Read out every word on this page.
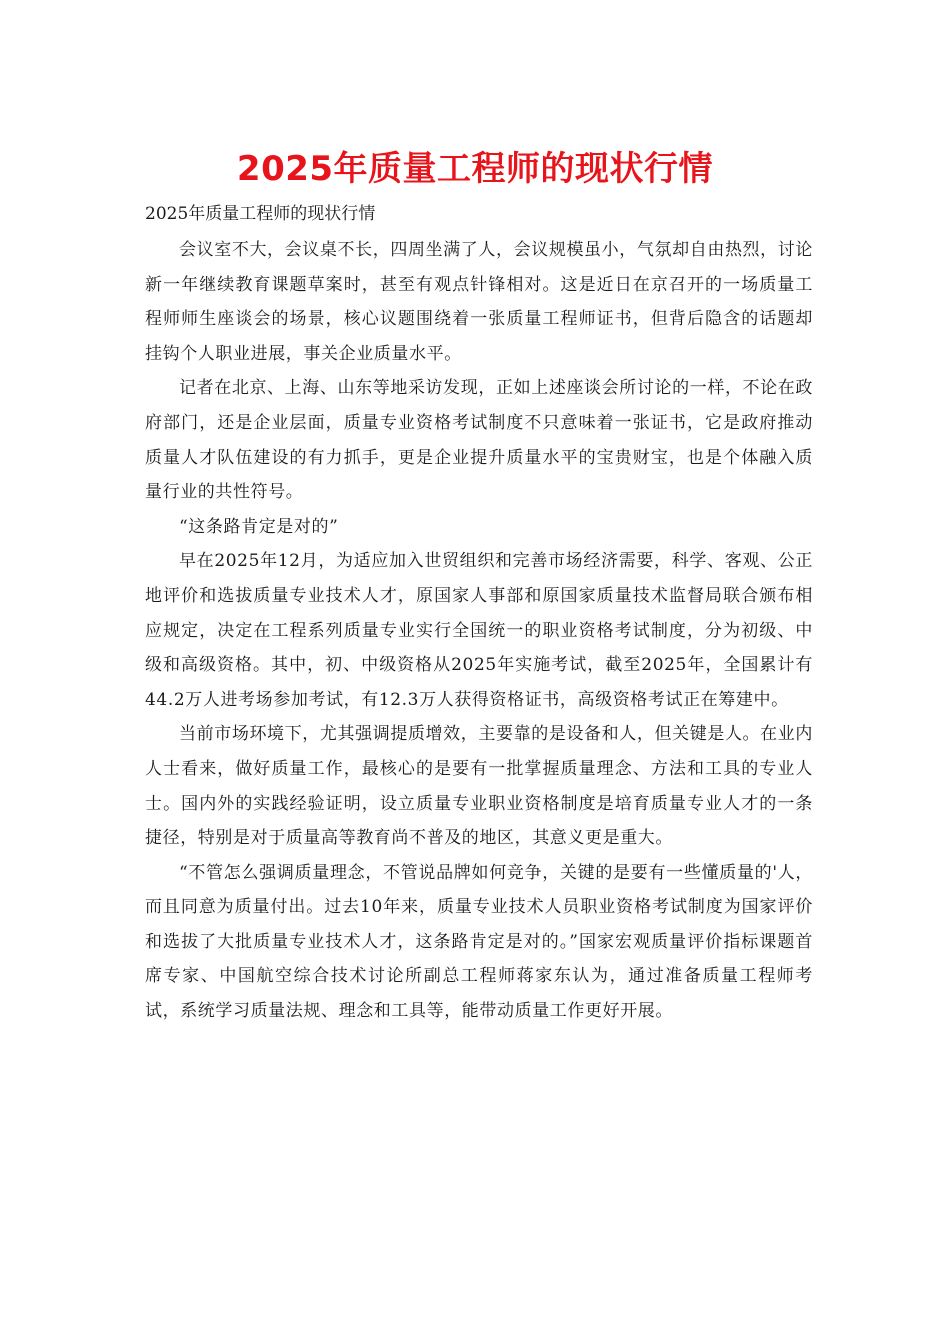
2025年质量工程师的现状行情
2025年质量工程师的现状行情

会议室不大，会议桌不长，四周坐满了人，会议规模虽小，气氛却自由热烈，讨论新一年继续教育课题草案时，甚至有观点针锋相对。这是近日在京召开的一场质量工程师师生座谈会的场景，核心议题围绕着一张质量工程师证书，但背后隐含的话题却挂钩个人职业进展，事关企业质量水平。

记者在北京、上海、山东等地采访发现，正如上述座谈会所讨论的一样，不论在政府部门，还是企业层面，质量专业资格考试制度不只意味着一张证书，它是政府推动质量人才队伍建设的有力抓手，更是企业提升质量水平的宝贵财宝，也是个体融入质量行业的共性符号。

“这条路肯定是对的”

早在2025年12月，为适应加入世贸组织和完善市场经济需要，科学、客观、公正地评价和选拔质量专业技术人才，原国家人事部和原国家质量技术监督局联合颁布相应规定，决定在工程系列质量专业实行全国统一的职业资格考试制度，分为初级、中级和高级资格。其中，初、中级资格从2025年实施考试，截至2025年，全国累计有44.2万人进考场参加考试，有12.3万人获得资格证书，高级资格考试正在筹建中。

当前市场环境下，尤其强调提质增效，主要靠的是设备和人，但关键是人。在业内人士看来，做好质量工作，最核心的是要有一批掌握质量理念、方法和工具的专业人士。国内外的实践经验证明，设立质量专业职业资格制度是培育质量专业人才的一条捷径，特别是对于质量高等教育尚不普及的地区，其意义更是重大。

“不管怎么强调质量理念，不管说品牌如何竞争，关键的是要有一些懂质量的'人，而且同意为质量付出。过去10年来，质量专业技术人员职业资格考试制度为国家评价和选拔了大批质量专业技术人才，这条路肯定是对的。”国家宏观质量评价指标课题首席专家、中国航空综合技术讨论所副总工程师蒋家东认为，通过准备质量工程师考试，系统学习质量法规、理念和工具等，能带动质量工作更好开展。
